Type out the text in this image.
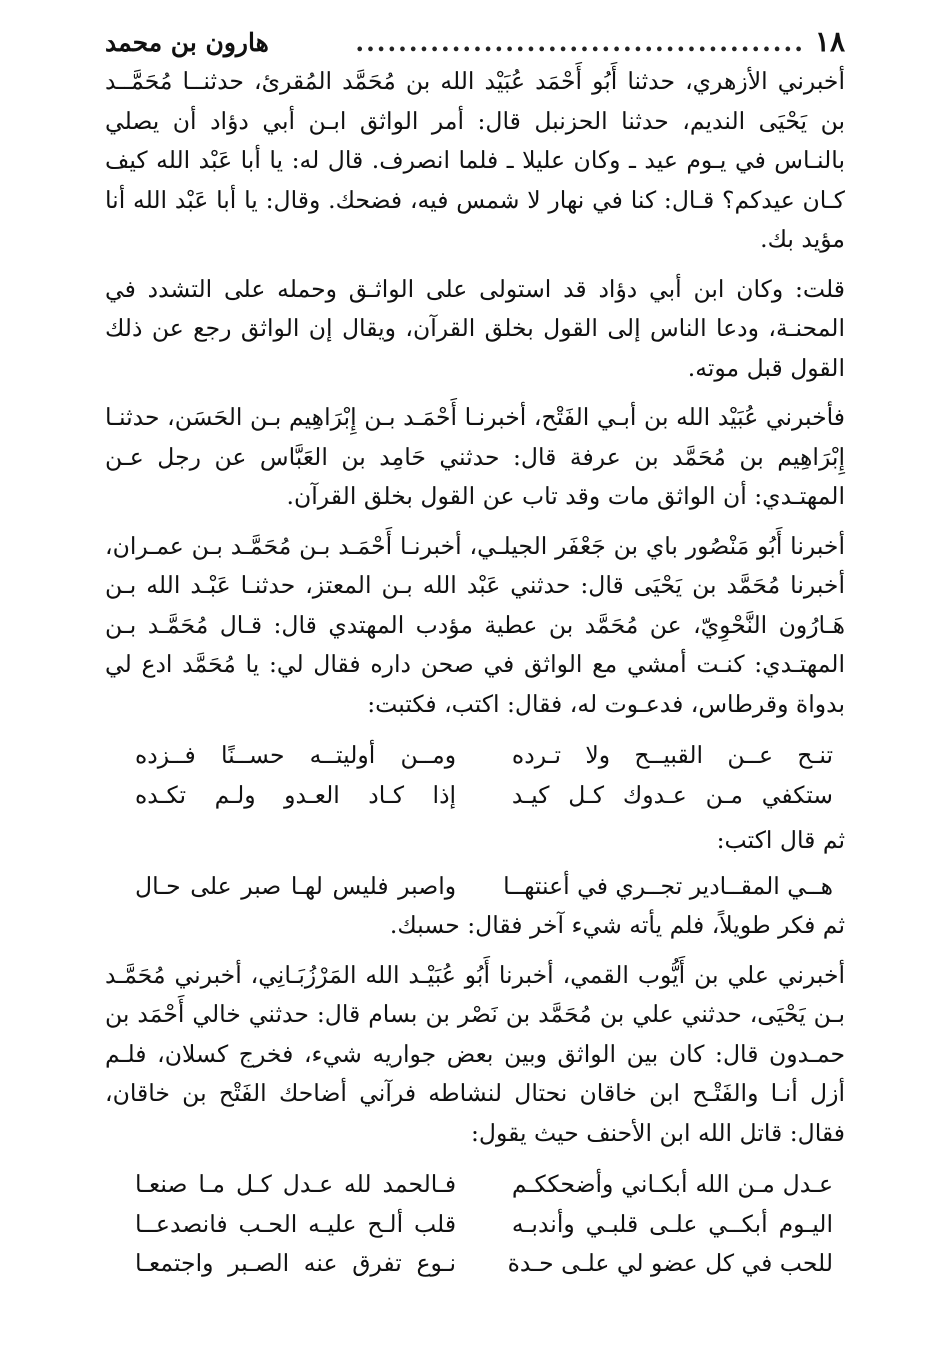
١٨
..........................................
هارون بن محمد

أخبرني الأزهري، حدثنا أَبُو أَحْمَد عُبَيْد الله بن مُحَمَّد المُقرئ، حدثنــا مُحَمَّــد بن يَحْيَى النديم، حدثنا الحزنبل قال: أمر الواثق ابـن أبي دؤاد أن يصلي بالنـاس في يـوم عيد ـ وكان عليلا ـ فلما انصرف. قال له: يا أبا عَبْد الله كيف كـان عيدكم؟ قـال: كنا في نهار لا شمس فيه، فضحك. وقال: يا أبا عَبْد الله أنا مؤيد بك.

قلت: وكان ابن أبي دؤاد قد استولى على الواثـق وحمله على التشدد في المحنـة، ودعا الناس إلى القول بخلق القرآن، ويقال إن الواثق رجع عن ذلك القول قبل موته.

فأخبرني عُبَيْد الله بن أبـي الفَتْح، أخبرنـا أَحْمَـد بـن إِبْرَاهِيم بـن الحَسَن، حدثنـا إِبْرَاهِيم بن مُحَمَّد بن عرفة قال: حدثني حَامِد بن العَبَّاس عن رجل عـن المهتـدي: أن الواثق مات وقد تاب عن القول بخلق القرآن.

أخبرنا أَبُو مَنْصُور باي بن جَعْفَر الجيلـي، أخبرنـا أَحْمَـد بـن مُحَمَّـد بـن عمـران، أخبرنا مُحَمَّد بن يَحْيَى قال: حدثني عَبْد الله بـن المعتز، حدثنـا عَبْـد الله بـن هَـارُون النَّحْوِيّ، عن مُحَمَّد بن عطية مؤدب المهتدي قال: قـال مُحَمَّـد بـن المهتـدي: كنـت أمشي مع الواثق في صحن داره فقال لي: يا مُحَمَّد ادع لي بدواة وقرطاس، فدعـوت له، فقال: اكتب، فكتبت:

تنـح عــن القبيــح ولا تـرده
ومــن أوليتــه حســنًا فــزده
ستكفي مـن عـدوك كـل كيـد
إذا كـاد العـدو ولـم تكـده

ثم قال اكتب:

هــي المقــادير تجــري في أعنتهــا
واصبر فليس لهـا صبر على حـال

ثم فكر طويلاً، فلم يأته شيء آخر فقال: حسبك.

أخبرني علي بن أَيُّوب القمي، أخبرنا أَبُو عُبَيْـد الله المَرْزُبَـانِي، أخبرني مُحَمَّـد بـن يَحْيَى، حدثني علي بن مُحَمَّد بن نَصْر بن بسام قال: حدثني خالي أَحْمَد بن حمـدون قال: كان بين الواثق وبين بعض جواريه شيء، فخرج كسلان، فلـم أزل أنـا والفَتْـح ابن خاقان نحتال لنشاطه فرآني أضاحك الفَتْح بن خاقان، فقال: قاتل الله ابن الأحنف حيث يقول:

عـدل مـن الله أبكـاني وأضحككـم
فـالحمد لله عـدل كـل مـا صنعـا
اليـوم أبكــي علـى قلبـي وأندبـه
قلب ألـح عليـه الحـب فانصدعــا
للحب في كل عضو لي علـى حـدة
نـوع تفرق عنه الصـبر واجتمعـا
